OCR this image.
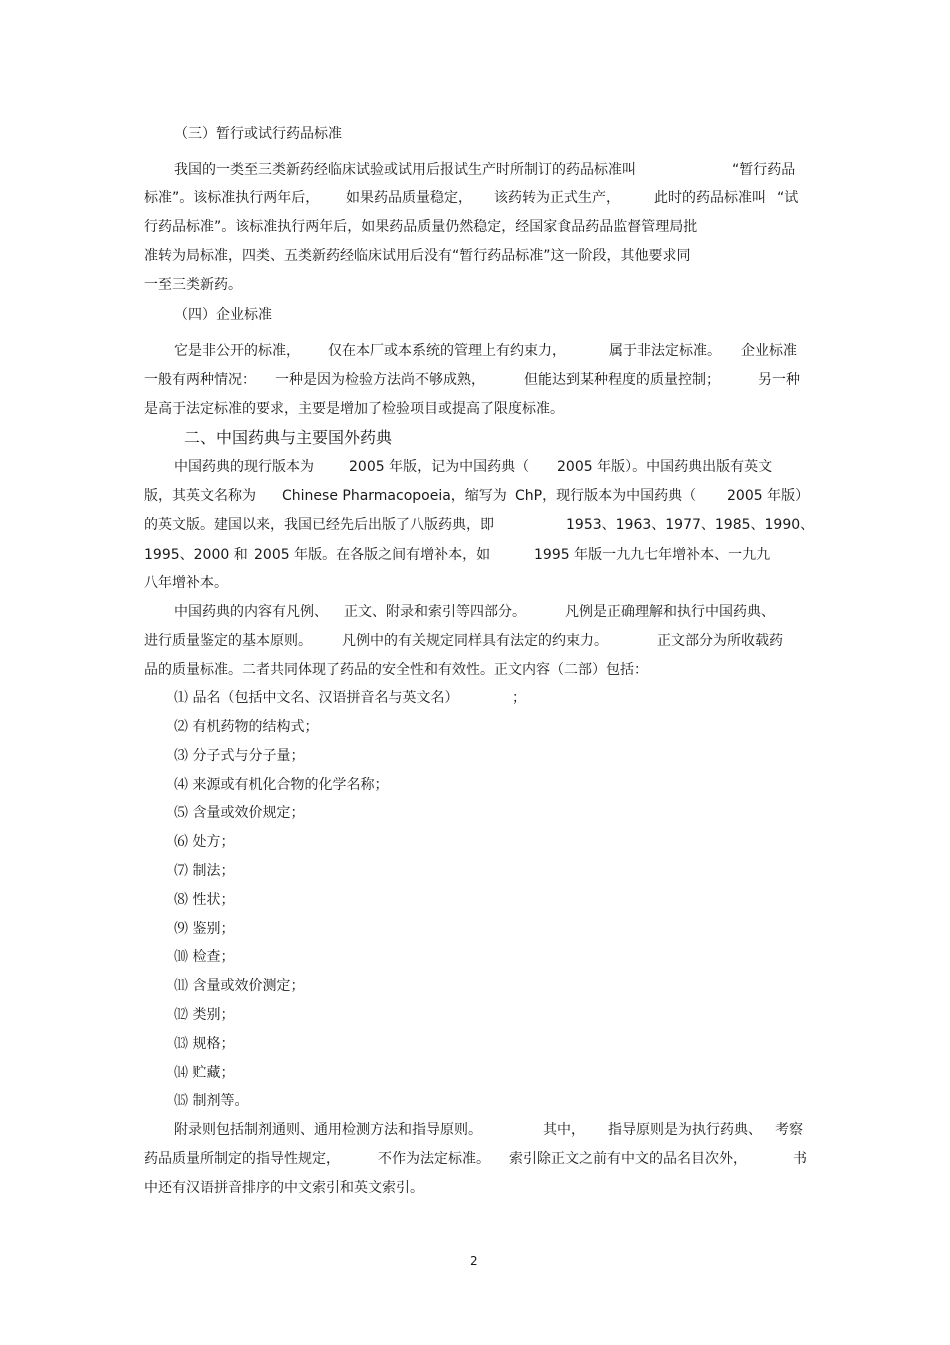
（三）暂行或试行药品标准
我国的一类至三类新药经临床试验或试用后报试生产时所制订的药品标准叫	“暂行药品
标准”。该标准执行两年后， 如果药品质量稳定， 该药转为正式生产， 此时的药品标准叫 “试
行药品标准”。该标准执行两年后，如果药品质量仍然稳定，经国家食品药品监督管理局批
准转为局标准，四类、五类新药经临床试用后没有“暂行药品标准”这一阶段，其他要求同
一至三类新药。
（四）企业标准
它是非公开的标准， 仅在本厂或本系统的管理上有约束力，	属于非法定标准。 企业标准
一般有两种情况： 一种是因为检验方法尚不够成熟，	但能达到某种程度的质量控制；	另一种
是高于法定标准的要求，主要是增加了检验项目或提高了限度标准。
二、中国药典与主要国外药典
中国药典的现行版本为	2005 年版，记为中国药典（ 2005 年版）。中国药典出版有英文
版，其英文名称为 Chinese Pharmacopoeia，缩写为 ChP，现行版本为中国药典（ 2005 年版）
的英文版。建国以来，我国已经先后出版了八版药典，即	1953、1963、1977、1985、1990、
1995、2000 和 2005 年版。在各版之间有增补本，如	1995 年版一九九七年增补本、一九九
八年增补本。
中国药典的内容有凡例、 正文、附录和索引等四部分。	凡例是正确理解和执行中国药典、
进行质量鉴定的基本原则。 凡例中的有关规定同样具有法定的约束力。	正文部分为所收载药
品的质量标准。二者共同体现了药品的安全性和有效性。正文内容（二部）包括：
⑴ 品名（包括中文名、汉语拼音名与英文名）	；
⑵ 有机药物的结构式；
⑶ 分子式与分子量；
⑷ 来源或有机化合物的化学名称；
⑸ 含量或效价规定；
⑹ 处方；
⑺ 制法；
⑻ 性状；
⑼ 鉴别；
⑽ 检查；
⑾ 含量或效价测定；
⑿ 类别；
⒀ 规格；
⒁ 贮藏；
⒂ 制剂等。
附录则包括制剂通则、通用检测方法和指导原则。	其中， 指导原则是为执行药典、 考察
药品质量所制定的指导性规定，	不作为法定标准。 索引除正文之前有中文的品名目次外，	书
中还有汉语拼音排序的中文索引和英文索引。
2
